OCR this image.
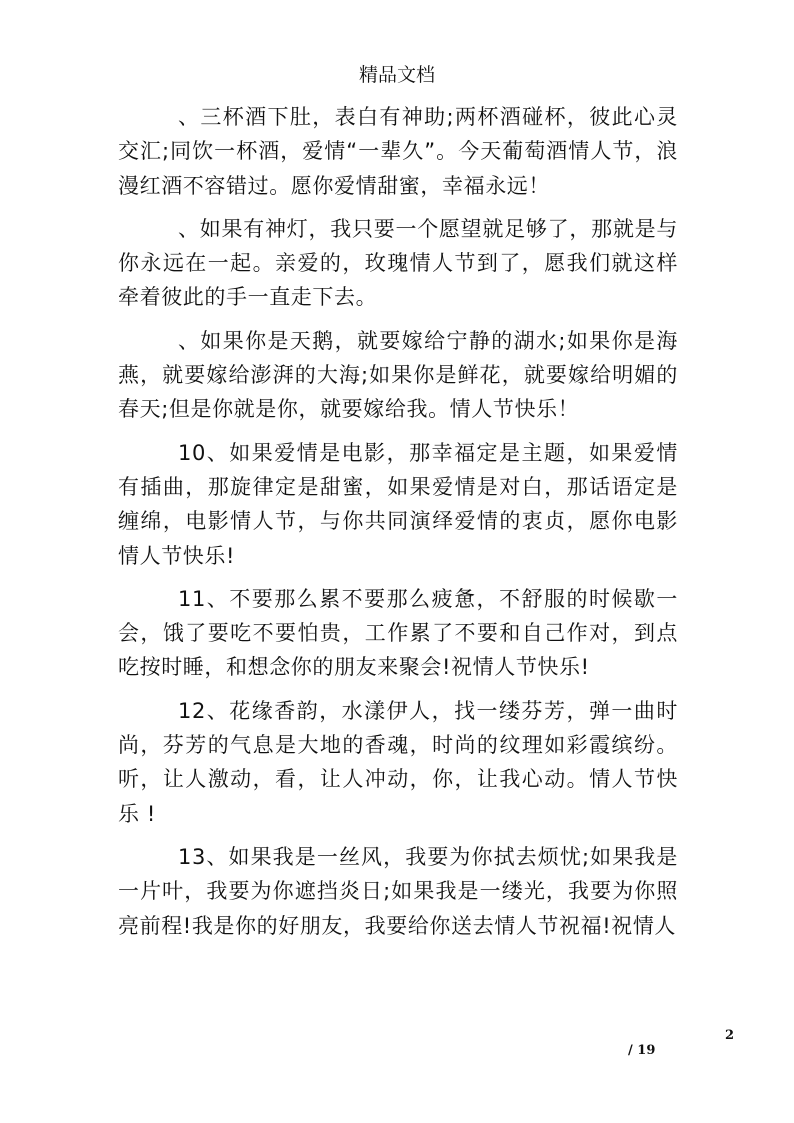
精品文档

、三杯酒下肚，表白有神助;两杯酒碰杯，彼此心灵交汇;同饮一杯酒，爱情“一辈久”。今天葡萄酒情人节，浪漫红酒不容错过。愿你爱情甜蜜，幸福永远！

、如果有神灯，我只要一个愿望就足够了，那就是与你永远在一起。亲爱的，玫瑰情人节到了，愿我们就这样牵着彼此的手一直走下去。

、如果你是天鹅，就要嫁给宁静的湖水;如果你是海燕，就要嫁给澎湃的大海;如果你是鲜花，就要嫁给明媚的春天;但是你就是你，就要嫁给我。情人节快乐！

10、如果爱情是电影，那幸福定是主题，如果爱情有插曲，那旋律定是甜蜜，如果爱情是对白，那话语定是缠绵，电影情人节，与你共同演绎爱情的衷贞，愿你电影情人节快乐!

11、不要那么累不要那么疲惫，不舒服的时候歇一会，饿了要吃不要怕贵，工作累了不要和自己作对，到点吃按时睡，和想念你的朋友来聚会!祝情人节快乐!

12、花缘香韵，水漾伊人，找一缕芬芳，弹一曲时尚，芬芳的气息是大地的香魂，时尚的纹理如彩霞缤纷。听，让人激动，看，让人冲动，你，让我心动。情人节快乐 !

13、如果我是一丝风，我要为你拭去烦忧;如果我是一片叶，我要为你遮挡炎日;如果我是一缕光，我要为你照亮前程!我是你的好朋友，我要给你送去情人节祝福!祝情人

2
/ 19
